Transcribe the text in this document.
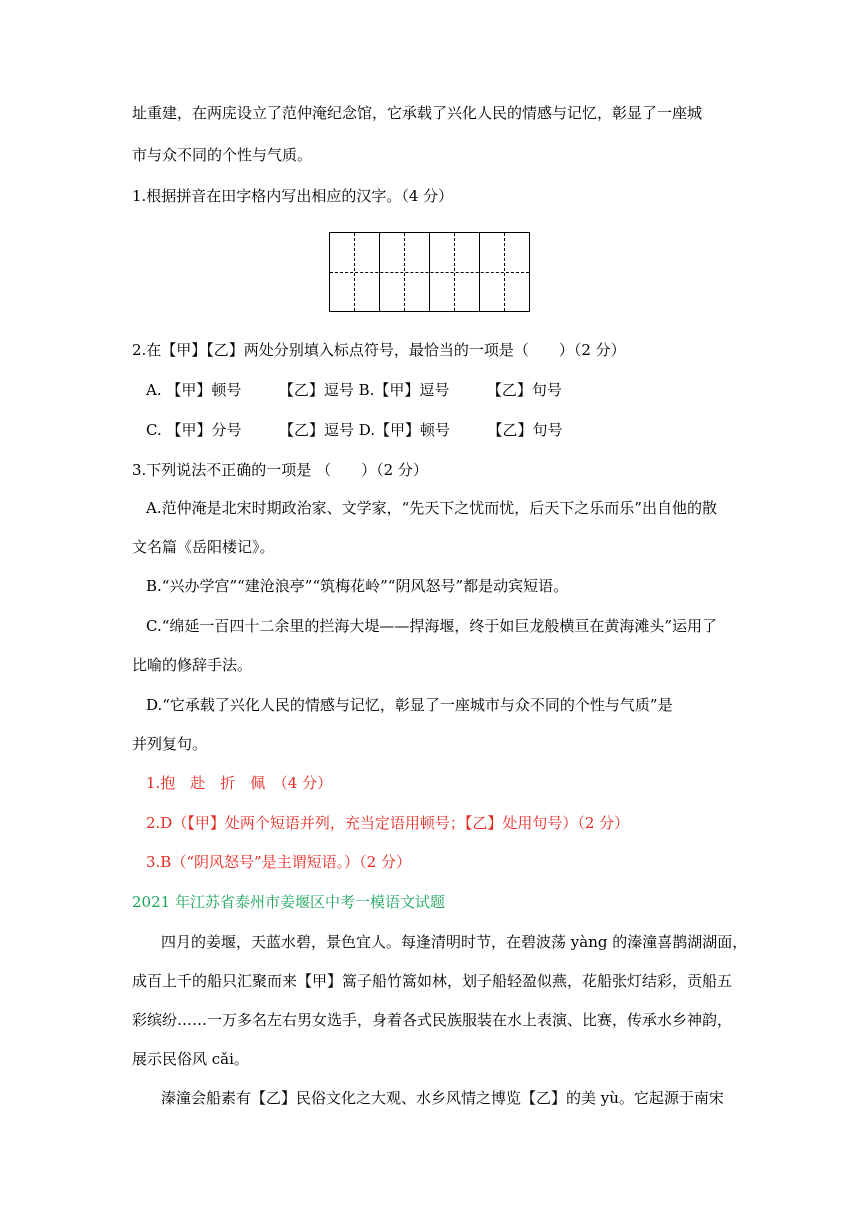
址重建，在两庑设立了范仲淹纪念馆，它承载了兴化人民的情感与记忆，彰显了一座城
市与众不同的个性与气质。
1.根据拼音在田字格内写出相应的汉字。（4 分）
2.在【甲】【乙】两处分别填入标点符号，最恰当的一项是（　　）（2 分）
A. 【甲】顿号　　　【乙】逗号 B.【甲】逗号　　　【乙】句号
C. 【甲】分号　　　【乙】逗号 D.【甲】顿号　　　【乙】句号
3.下列说法不正确的一项是 （　　）（2 分）
A.范仲淹是北宋时期政治家、文学家，“先天下之忧而忧，后天下之乐而乐”出自他的散
文名篇《岳阳楼记》。
B.“兴办学宫”“建沧浪亭”“筑梅花岭”“阴风怒号”都是动宾短语。
C.“绵延一百四十二余里的拦海大堤——捍海堰，终于如巨龙般横亘在黄海滩头”运用了
比喻的修辞手法。
D.“它承载了兴化人民的情感与记忆，彰显了一座城市与众不同的个性与气质”是
并列复句。
1.抱　赴　折　佩　（4 分）
2.D（【甲】处两个短语并列，充当定语用顿号；【乙】处用句号）（2 分）
3.B（“阴风怒号”是主谓短语。）（2 分）
2021 年江苏省泰州市姜堰区中考一模语文试题
四月的姜堰，天蓝水碧，景色宜人。每逢清明时节，在碧波荡 yàng 的溱潼喜鹊湖湖面，
成百上千的船只汇聚而来【甲】篙子船竹篙如林，划子船轻盈似燕，花船张灯结彩，贡船五
彩缤纷……一万多名左右男女选手，身着各式民族服装在水上表演、比赛，传承水乡神韵，
展示民俗风 cǎi。
溱潼会船素有【乙】民俗文化之大观、水乡风情之博览【乙】的美 yù。它起源于南宋
